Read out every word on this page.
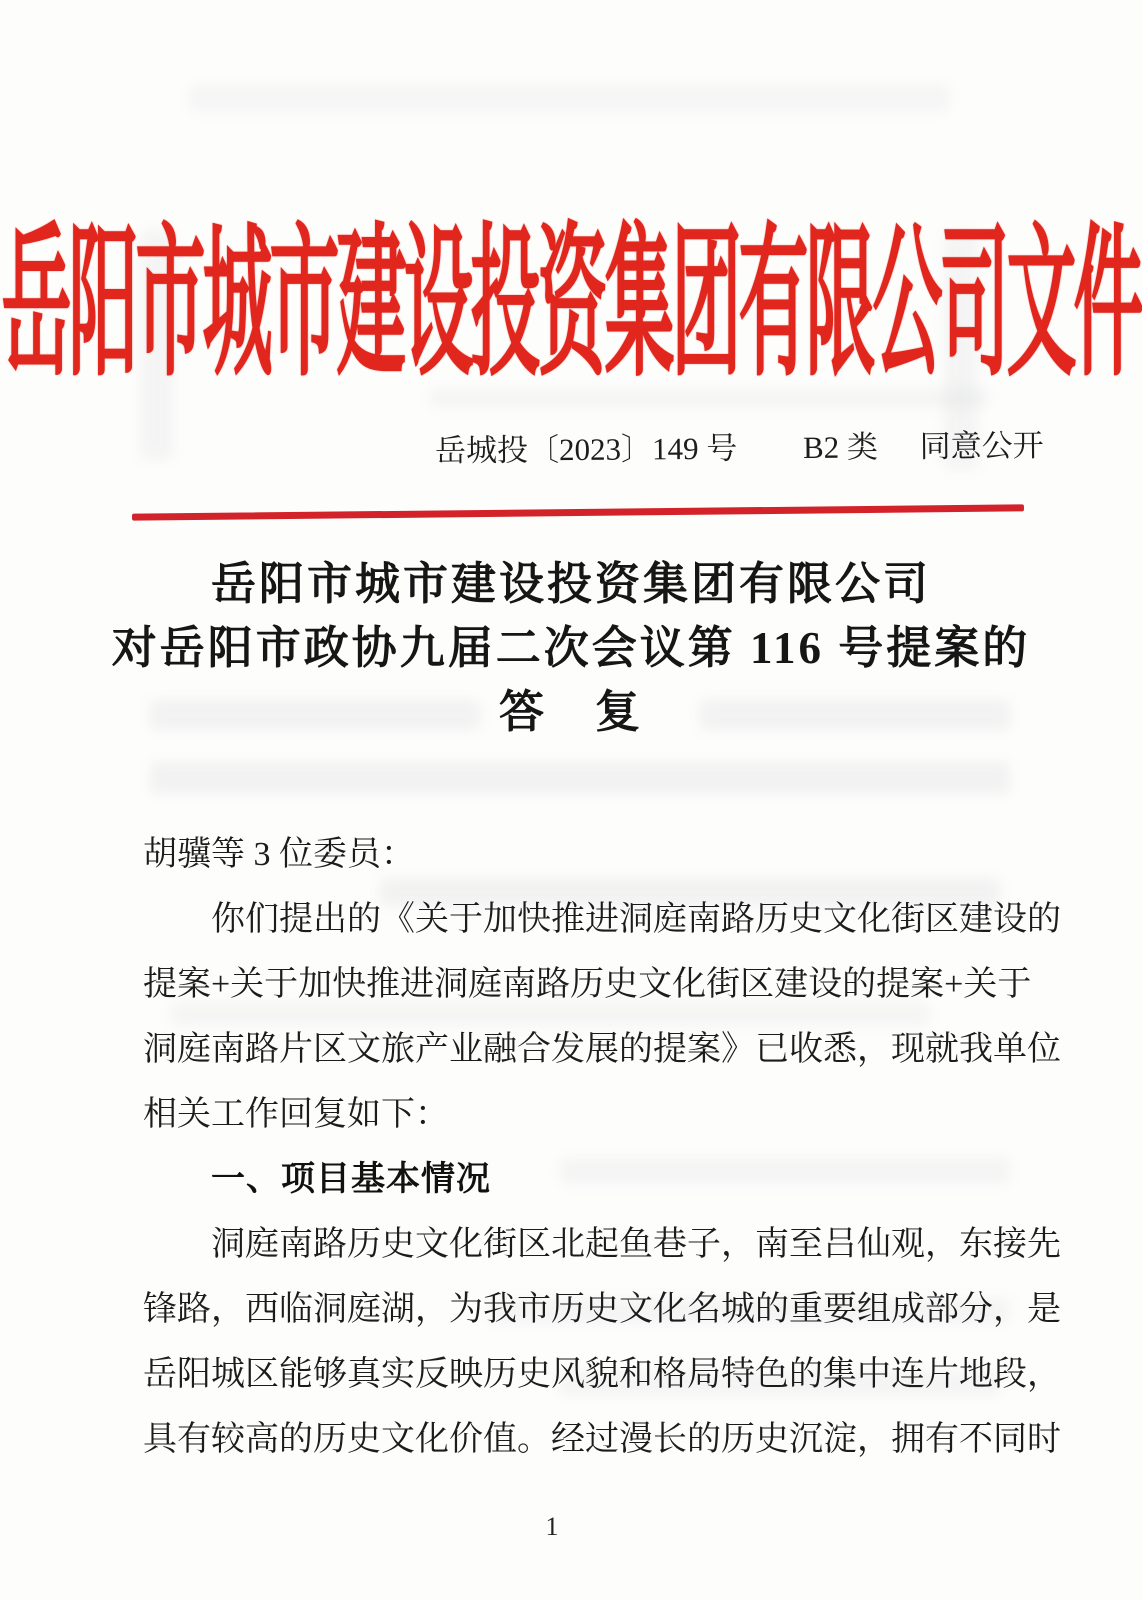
岳阳市城市建设投资集团有限公司文件
岳城投〔2023〕149 号 B2 类 同意公开
岳阳市城市建设投资集团有限公司
对岳阳市政协九届二次会议第 116 号提案的
答　复
胡骥等 3 位委员：
你们提出的《关于加快推进洞庭南路历史文化街区建设的
提案+关于加快推进洞庭南路历史文化街区建设的提案+关于
洞庭南路片区文旅产业融合发展的提案》已收悉，现就我单位
相关工作回复如下：
一、项目基本情况
洞庭南路历史文化街区北起鱼巷子，南至吕仙观，东接先
锋路，西临洞庭湖，为我市历史文化名城的重要组成部分，是
岳阳城区能够真实反映历史风貌和格局特色的集中连片地段，
具有较高的历史文化价值。经过漫长的历史沉淀，拥有不同时
1
